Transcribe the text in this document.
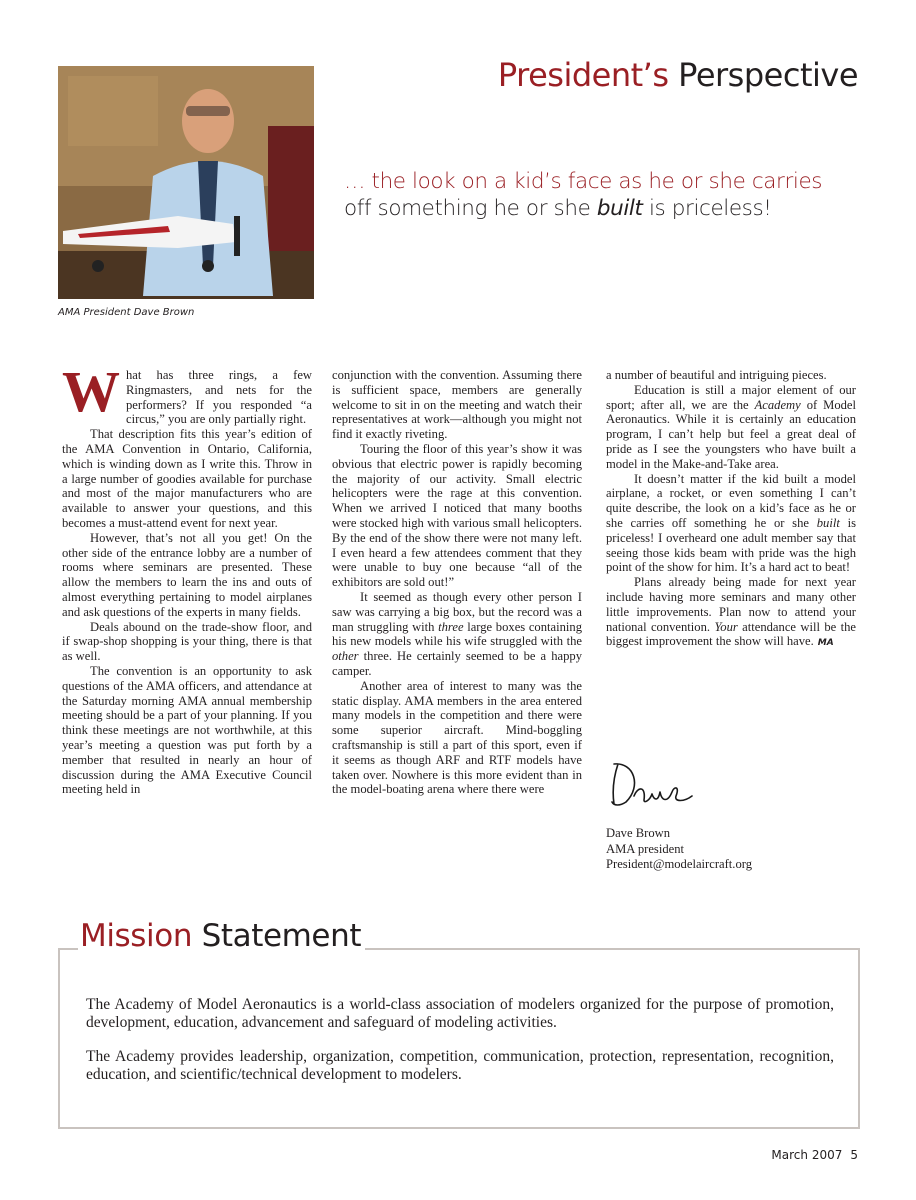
AMA President Dave Brown
President’s Perspective
… the look on a kid’s face as he or she carries
off something he or she built is priceless!

What has three rings, a few Ringmasters, and nets for the performers? If you responded “a circus,” you are only partially right.

That description fits this year’s edition of the AMA Convention in Ontario, California, which is winding down as I write this. Throw in a large number of goodies available for purchase and most of the major manufacturers who are available to answer your questions, and this becomes a must-attend event for next year.

However, that’s not all you get! On the other side of the entrance lobby are a number of rooms where seminars are presented. These allow the members to learn the ins and outs of almost everything pertaining to model airplanes and ask questions of the experts in many fields.

Deals abound on the trade-show floor, and if swap-shop shopping is your thing, there is that as well.

The convention is an opportunity to ask questions of the AMA officers, and attendance at the Saturday morning AMA annual membership meeting should be a part of your planning. If you think these meetings are not worthwhile, at this year’s meeting a question was put forth by a member that resulted in nearly an hour of discussion during the AMA Executive Council meeting held in

conjunction with the convention. Assuming there is sufficient space, members are generally welcome to sit in on the meeting and watch their representatives at work—although you might not find it exactly riveting.

Touring the floor of this year’s show it was obvious that electric power is rapidly becoming the majority of our activity. Small electric helicopters were the rage at this convention. When we arrived I noticed that many booths were stocked high with various small helicopters. By the end of the show there were not many left. I even heard a few attendees comment that they were unable to buy one because “all of the exhibitors are sold out!”

It seemed as though every other person I saw was carrying a big box, but the record was a man struggling with three large boxes containing his new models while his wife struggled with the other three. He certainly seemed to be a happy camper.

Another area of interest to many was the static display. AMA members in the area entered many models in the competition and there were some superior aircraft. Mind-boggling craftsmanship is still a part of this sport, even if it seems as though ARF and RTF models have taken over. Nowhere is this more evident than in the model-boating arena where there were

a number of beautiful and intriguing pieces.

Education is still a major element of our sport; after all, we are the Academy of Model Aeronautics. While it is certainly an education program, I can’t help but feel a great deal of pride as I see the youngsters who have built a model in the Make-and-Take area.

It doesn’t matter if the kid built a model airplane, a rocket, or even something I can’t quite describe, the look on a kid’s face as he or she carries off something he or she built is priceless! I overheard one adult member say that seeing those kids beam with pride was the high point of the show for him. It’s a hard act to beat!

Plans already being made for next year include having more seminars and many other little improvements. Plan now to attend your national convention. Your attendance will be the biggest improvement the show will have. MA

Dave Brown
AMA president
President@modelaircraft.org
Mission Statement

The Academy of Model Aeronautics is a world-class association of modelers organized for the purpose of promotion, development, education, advancement and safeguard of modeling activities.

The Academy provides leadership, organization, competition, communication, protection, representation, recognition, education, and scientific/technical development to modelers.

March 2007 5
